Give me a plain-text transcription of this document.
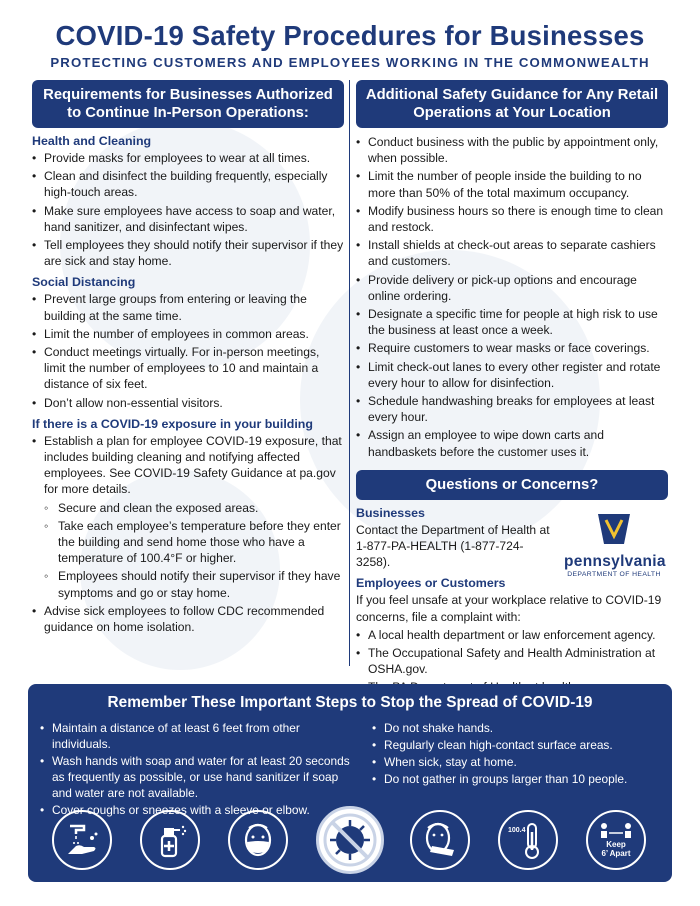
COVID-19 Safety Procedures for Businesses
PROTECTING CUSTOMERS AND EMPLOYEES WORKING IN THE COMMONWEALTH
Requirements for Businesses Authorized to Continue In-Person Operations:
Health and Cleaning
• Provide masks for employees to wear at all times.
• Clean and disinfect the building frequently, especially high-touch areas.
• Make sure employees have access to soap and water, hand sanitizer, and disinfectant wipes.
• Tell employees they should notify their supervisor if they are sick and stay home.
Social Distancing
• Prevent large groups from entering or leaving the building at the same time.
• Limit the number of employees in common areas.
• Conduct meetings virtually. For in-person meetings, limit the number of employees to 10 and maintain a distance of six feet.
• Don’t allow non-essential visitors.
If there is a COVID-19 exposure in your building
• Establish a plan for employee COVID-19 exposure, that includes building cleaning and notifying affected employees. See COVID-19 Safety Guidance at pa.gov for more details.
◦ Secure and clean the exposed areas.
◦ Take each employee’s temperature before they enter the building and send home those who have a temperature of 100.4°F or higher.
◦ Employees should notify their supervisor if they have symptoms and go or stay home.
• Advise sick employees to follow CDC recommended guidance on home isolation.
Additional Safety Guidance for Any Retail Operations at Your Location
• Conduct business with the public by appointment only, when possible.
• Limit the number of people inside the building to no more than 50% of the total maximum occupancy.
• Modify business hours so there is enough time to clean and restock.
• Install shields at check-out areas to separate cashiers and customers.
• Provide delivery or pick-up options and encourage online ordering.
• Designate a specific time for people at high risk to use the business at least once a week.
• Require customers to wear masks or face coverings.
• Limit check-out lanes to every other register and rotate every hour to allow for disinfection.
• Schedule handwashing breaks for employees at least every hour.
• Assign an employee to wipe down carts and handbaskets before the customer uses it.
Questions or Concerns?
Businesses
Contact the Department of Health at 1-877-PA-HEALTH (1-877-724-3258).	pennsylvania
DEPARTMENT OF HEALTH
Employees or Customers
If you feel unsafe at your workplace relative to COVID-19 concerns, file a complaint with:
• A local health department or law enforcement agency.
• The Occupational Safety and Health Administration at OSHA.gov.
•
Remember These Important Steps to Stop the Spread of COVID-19
• Maintain a distance of at least 6 feet from other individuals.
• Wash hands with soap and water for at least 20 seconds as frequently as possible, or use hand sanitizer if soap and water are not available.
• Cover coughs or sneezes with a sleeve or elbow.
• Do not shake hands.
• Regularly clean high-contact surface areas.
• When sick, stay at home.
• Do not gather in groups larger than 10 people.
100.4
Keep
6’ Apart
